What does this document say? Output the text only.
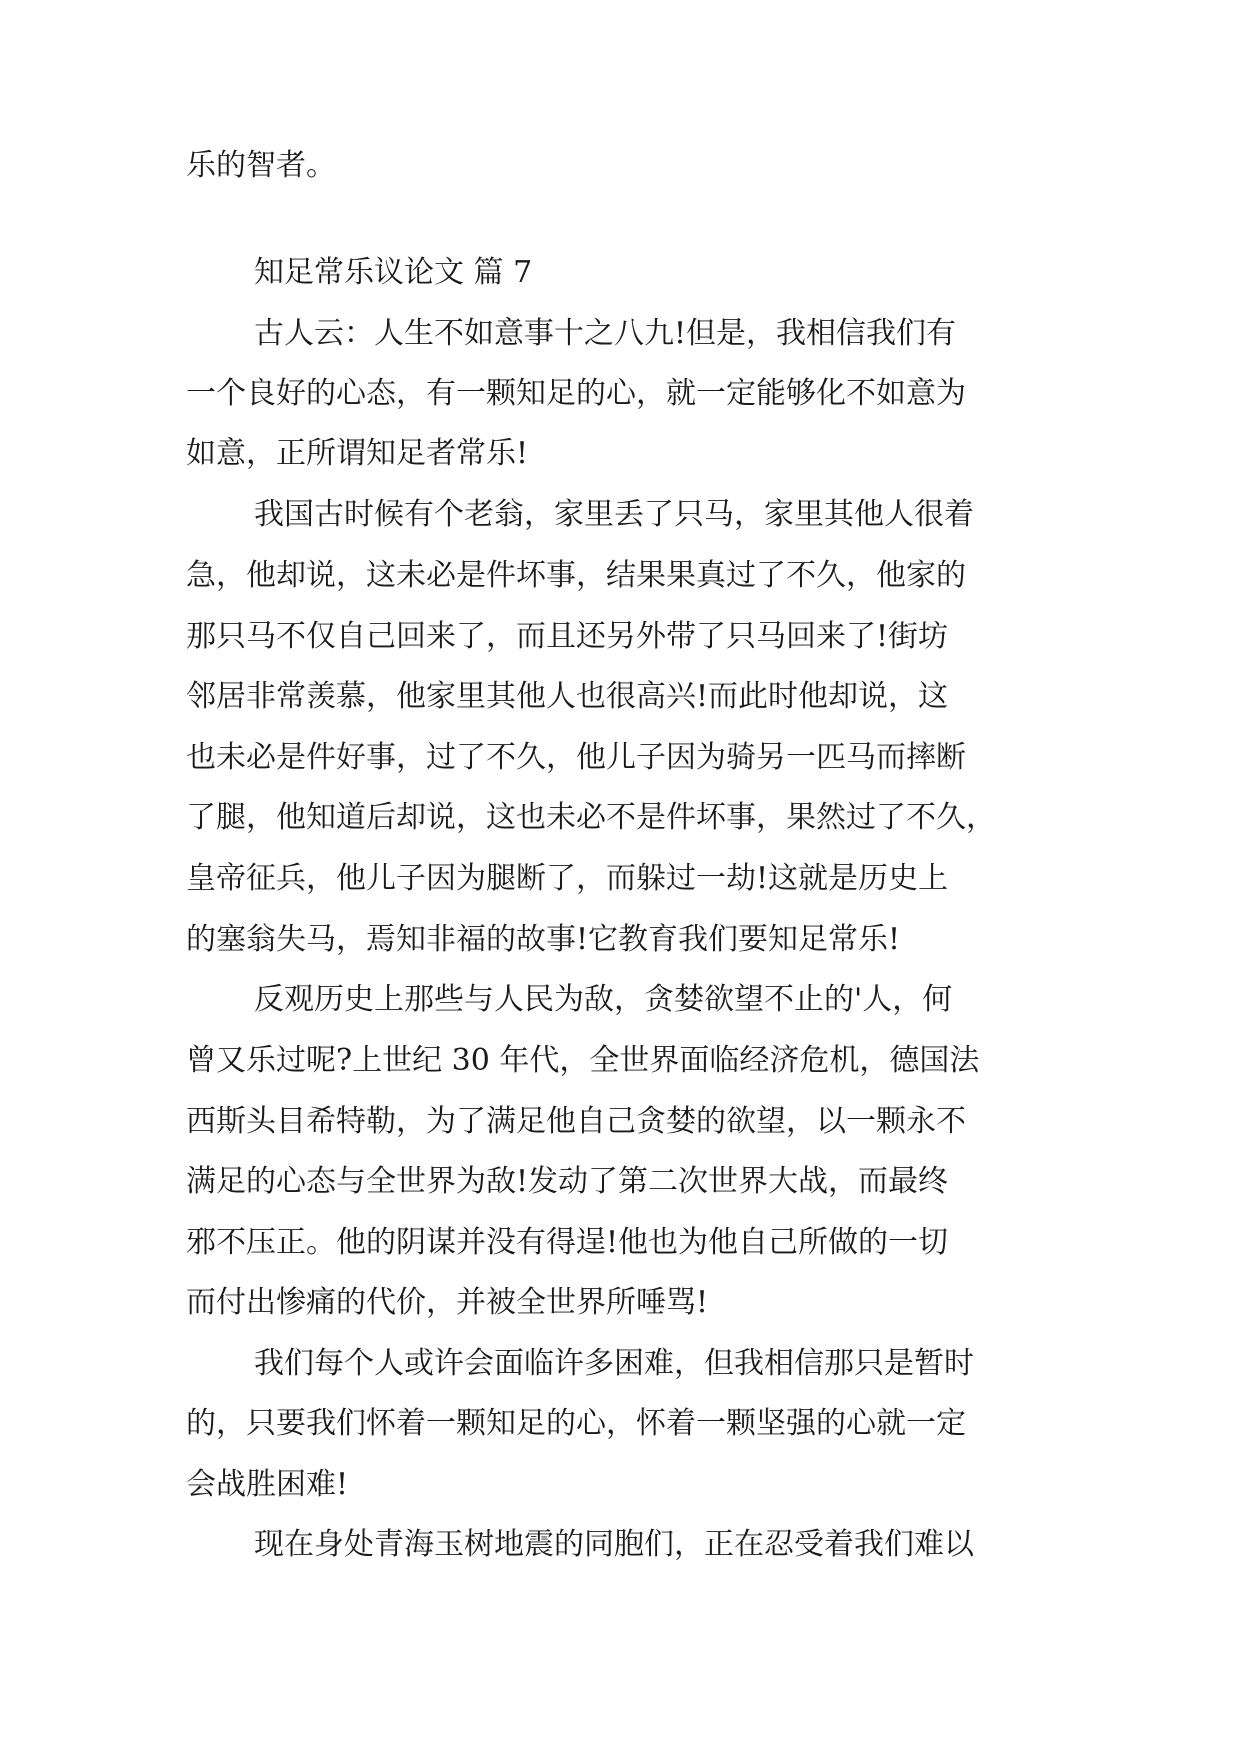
乐的智者。
知足常乐议论文 篇 7
古人云：人生不如意事十之八九!但是，我相信我们有
一个良好的心态，有一颗知足的心，就一定能够化不如意为
如意，正所谓知足者常乐!
我国古时候有个老翁，家里丢了只马，家里其他人很着
急，他却说，这未必是件坏事，结果果真过了不久，他家的
那只马不仅自己回来了，而且还另外带了只马回来了!街坊
邻居非常羡慕，他家里其他人也很高兴!而此时他却说，这
也未必是件好事，过了不久，他儿子因为骑另一匹马而摔断
了腿，他知道后却说，这也未必不是件坏事，果然过了不久，
皇帝征兵，他儿子因为腿断了，而躲过一劫!这就是历史上
的塞翁失马，焉知非福的故事!它教育我们要知足常乐!
反观历史上那些与人民为敌，贪婪欲望不止的'人，何
曾又乐过呢?上世纪 30 年代，全世界面临经济危机，德国法
西斯头目希特勒，为了满足他自己贪婪的欲望，以一颗永不
满足的心态与全世界为敌!发动了第二次世界大战，而最终
邪不压正。他的阴谋并没有得逞!他也为他自己所做的一切
而付出惨痛的代价，并被全世界所唾骂!
我们每个人或许会面临许多困难，但我相信那只是暂时
的，只要我们怀着一颗知足的心，怀着一颗坚强的心就一定
会战胜困难!
现在身处青海玉树地震的同胞们，正在忍受着我们难以
